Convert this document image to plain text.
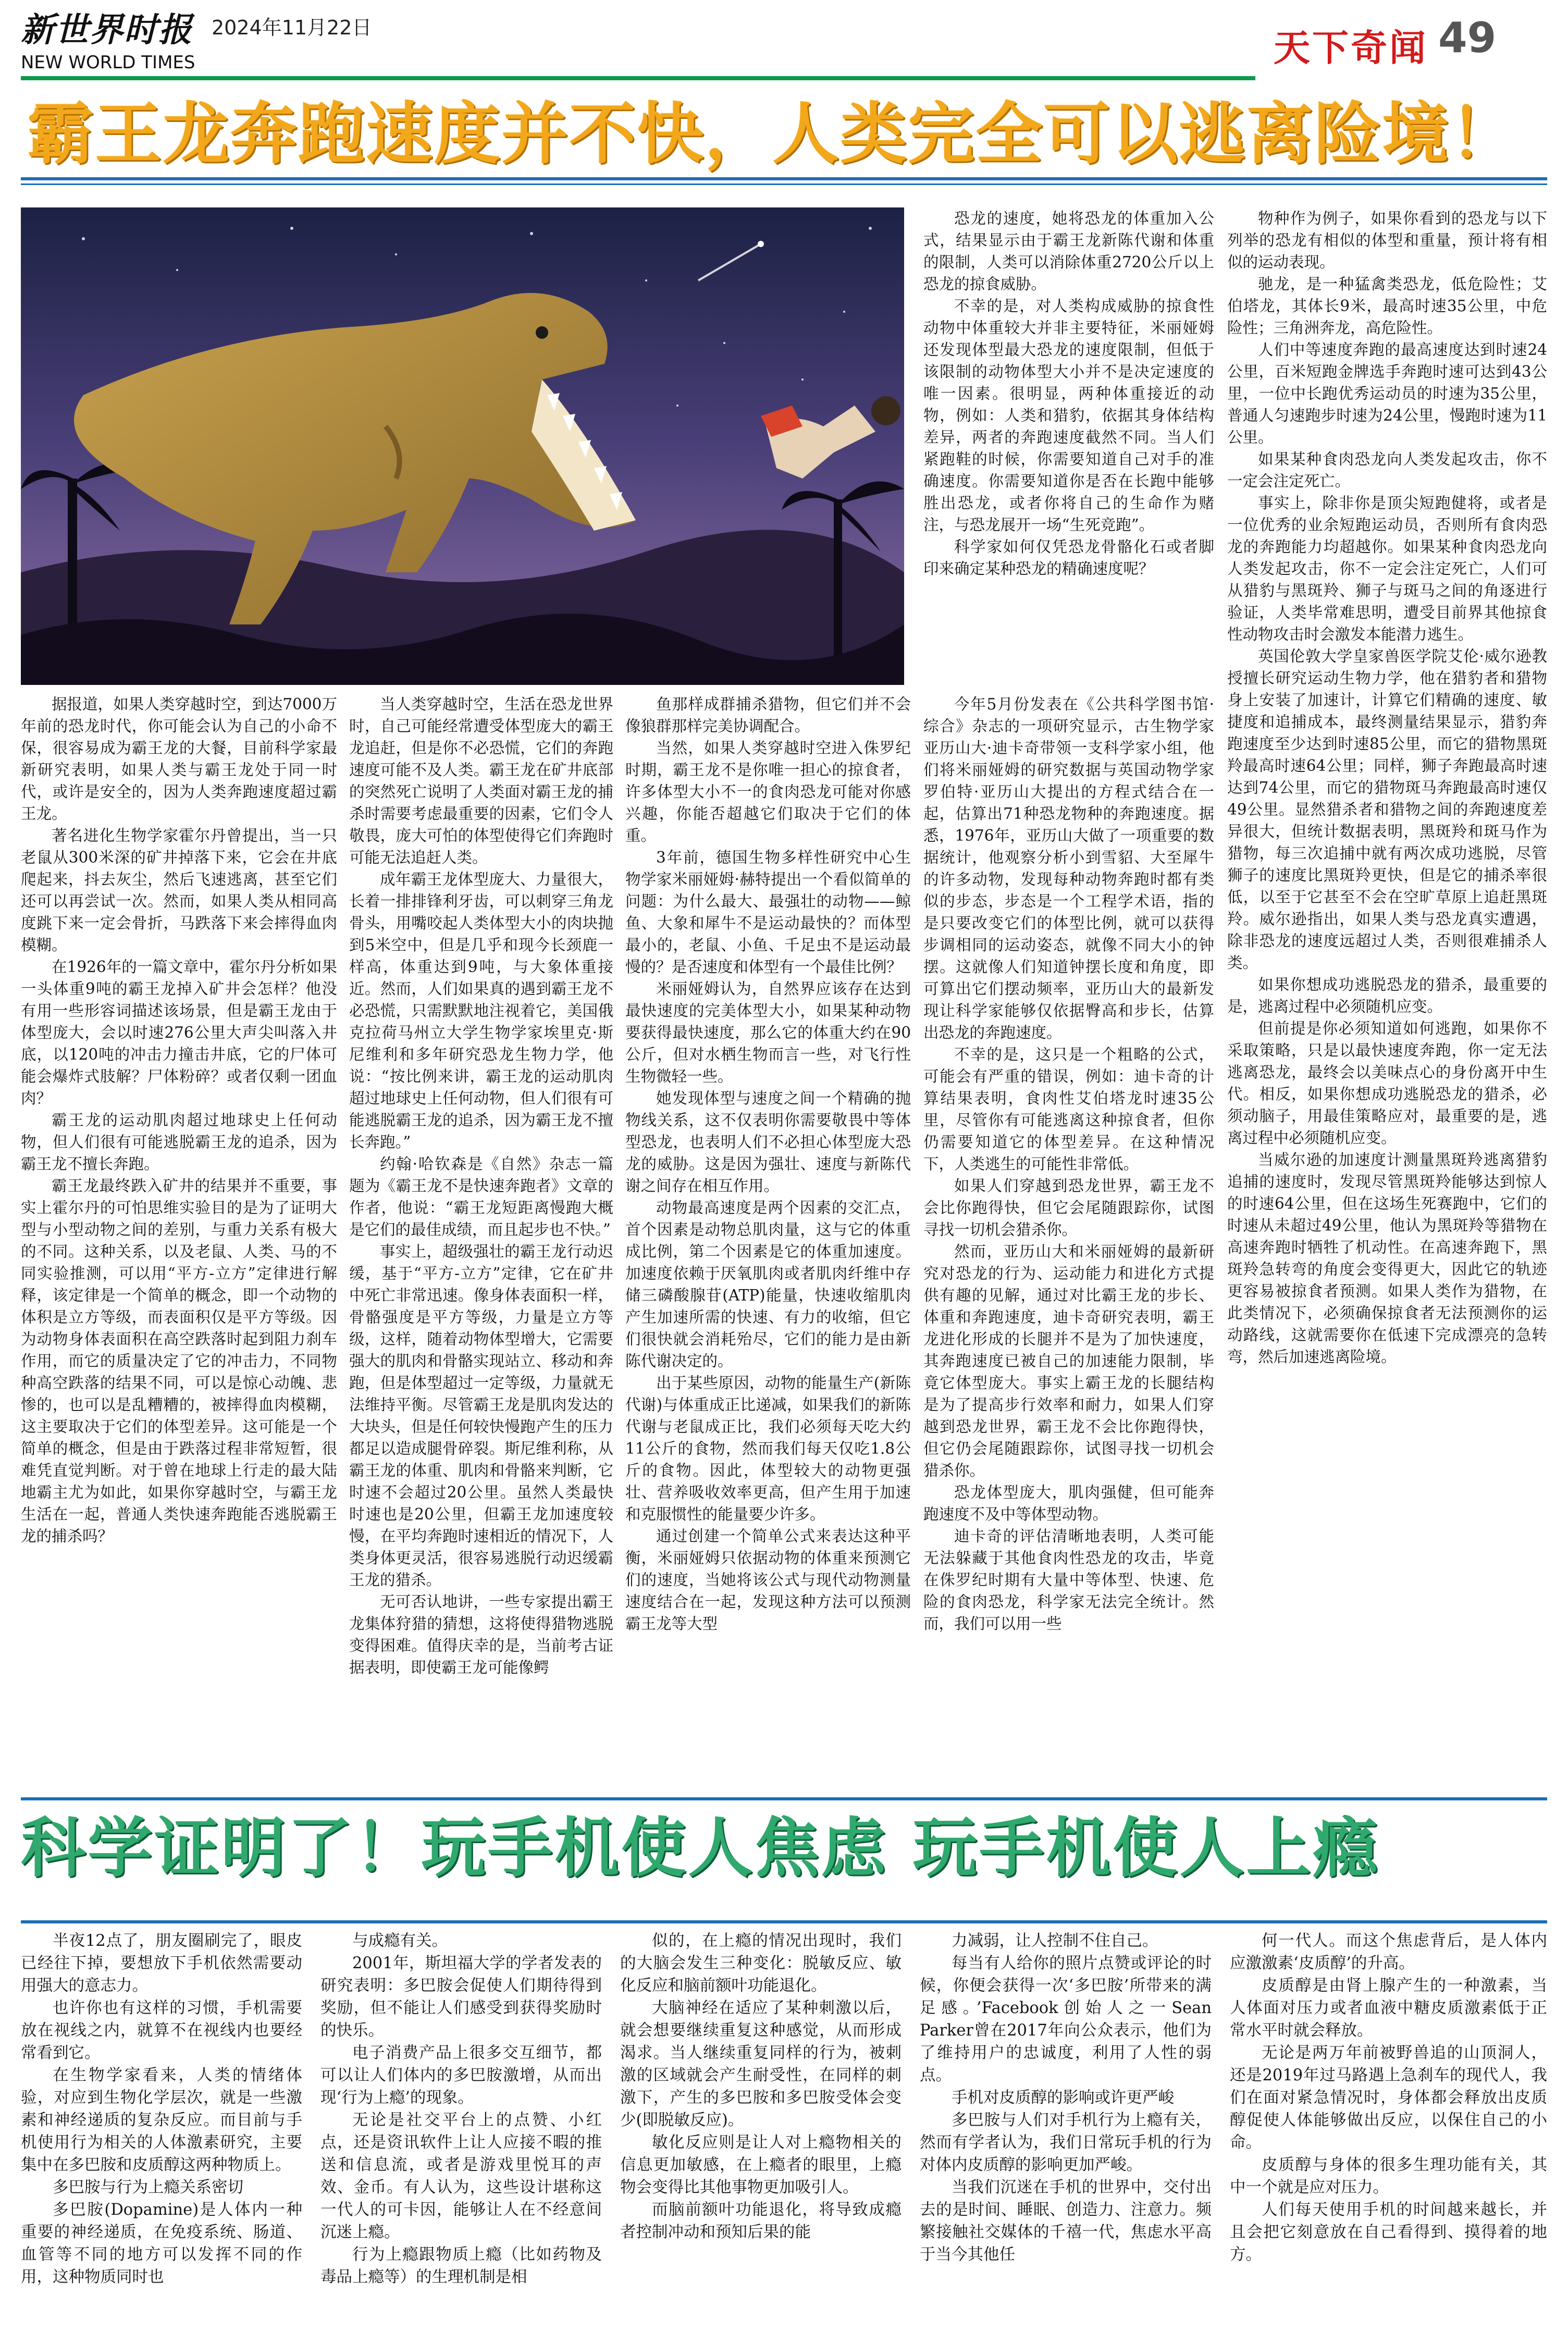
新世界时报 2024年11月22日
NEW WORLD TIMES	天下奇闻 49
霸王龙奔跑速度并不快，人类完全可以逃离险境！

据报道，如果人类穿越时空，到达7000万年前的恐龙时代，你可能会认为自己的小命不保，很容易成为霸王龙的大餐，目前科学家最新研究表明，如果人类与霸王龙处于同一时代，或许是安全的，因为人类奔跑速度超过霸王龙。

著名进化生物学家霍尔丹曾提出，当一只老鼠从300米深的矿井掉落下来，它会在井底爬起来，抖去灰尘，然后飞速逃离，甚至它们还可以再尝试一次。然而，如果人类从相同高度跳下来一定会骨折，马跌落下来会摔得血肉模糊。

在1926年的一篇文章中，霍尔丹分析如果一头体重9吨的霸王龙掉入矿井会怎样？他没有用一些形容词描述该场景，但是霸王龙由于体型庞大，会以时速276公里大声尖叫落入井底，以120吨的冲击力撞击井底，它的尸体可能会爆炸式肢解？尸体粉碎？或者仅剩一团血肉？

霸王龙的运动肌肉超过地球史上任何动物，但人们很有可能逃脱霸王龙的追杀，因为霸王龙不擅长奔跑。

霸王龙最终跌入矿井的结果并不重要，事实上霍尔丹的可怕思维实验目的是为了证明大型与小型动物之间的差别，与重力关系有极大的不同。这种关系，以及老鼠、人类、马的不同实验推测，可以用“平方-立方”定律进行解释，该定律是一个简单的概念，即一个动物的体积是立方等级，而表面积仅是平方等级。因为动物身体表面积在高空跌落时起到阻力刹车作用，而它的质量决定了它的冲击力，不同物种高空跌落的结果不同，可以是惊心动魄、悲惨的，也可以是乱糟糟的，被摔得血肉模糊，这主要取决于它们的体型差异。这可能是一个简单的概念，但是由于跌落过程非常短暂，很难凭直觉判断。对于曾在地球上行走的最大陆地霸主尤为如此，如果你穿越时空，与霸王龙生活在一起，普通人类快速奔跑能否逃脱霸王龙的捕杀吗？

当人类穿越时空，生活在恐龙世界时，自己可能经常遭受体型庞大的霸王龙追赶，但是你不必恐慌，它们的奔跑速度可能不及人类。霸王龙在矿井底部的突然死亡说明了人类面对霸王龙的捕杀时需要考虑最重要的因素，它们令人敬畏，庞大可怕的体型使得它们奔跑时可能无法追赶人类。

成年霸王龙体型庞大、力量很大，长着一排排锋利牙齿，可以刺穿三角龙骨头，用嘴咬起人类体型大小的肉块抛到5米空中，但是几乎和现今长颈鹿一样高，体重达到9吨，与大象体重接近。然而，人们如果真的遇到霸王龙不必恐慌，只需默默地注视着它，美国俄克拉荷马州立大学生物学家埃里克·斯尼维利和多年研究恐龙生物力学，他说：“按比例来讲，霸王龙的运动肌肉超过地球史上任何动物，但人们很有可能逃脱霸王龙的追杀，因为霸王龙不擅长奔跑。”

约翰·哈钦森是《自然》杂志一篇题为《霸王龙不是快速奔跑者》文章的作者，他说：“霸王龙短距离慢跑大概是它们的最佳成绩，而且起步也不快。”

事实上，超级强壮的霸王龙行动迟缓，基于“平方-立方”定律，它在矿井中死亡非常迅速。像身体表面积一样，骨骼强度是平方等级，力量是立方等级，这样，随着动物体型增大，它需要强大的肌肉和骨骼实现站立、移动和奔跑，但是体型超过一定等级，力量就无法维持平衡。尽管霸王龙是肌肉发达的大块头，但是任何较快慢跑产生的压力都足以造成腿骨碎裂。斯尼维利称，从霸王龙的体重、肌肉和骨骼来判断，它时速不会超过20公里。虽然人类最快时速也是20公里，但霸王龙加速度较慢，在平均奔跑时速相近的情况下，人类身体更灵活，很容易逃脱行动迟缓霸王龙的猎杀。

无可否认地讲，一些专家提出霸王龙集体狩猎的猜想，这将使得猎物逃脱变得困难。值得庆幸的是，当前考古证据表明，即使霸王龙可能像鳄

鱼那样成群捕杀猎物，但它们并不会像狼群那样完美协调配合。

当然，如果人类穿越时空进入侏罗纪时期，霸王龙不是你唯一担心的掠食者，许多体型大小不一的食肉恐龙可能对你感兴趣，你能否超越它们取决于它们的体重。

3年前，德国生物多样性研究中心生物学家米丽娅姆·赫特提出一个看似简单的问题：为什么最大、最强壮的动物——鲸鱼、大象和犀牛不是运动最快的？而体型最小的，老鼠、小鱼、千足虫不是运动最慢的？是否速度和体型有一个最佳比例？

米丽娅姆认为，自然界应该存在达到最快速度的完美体型大小，如果某种动物要获得最快速度，那么它的体重大约在90公斤，但对水栖生物而言一些，对飞行性生物微轻一些。

她发现体型与速度之间一个精确的抛物线关系，这不仅表明你需要敬畏中等体型恐龙，也表明人们不必担心体型庞大恐龙的威胁。这是因为强壮、速度与新陈代谢之间存在相互作用。

动物最高速度是两个因素的交汇点，首个因素是动物总肌肉量，这与它的体重成比例，第二个因素是它的体重加速度。加速度依赖于厌氧肌肉或者肌肉纤维中存储三磷酸腺苷(ATP)能量，快速收缩肌肉产生加速所需的快速、有力的收缩，但它们很快就会消耗殆尽，它们的能力是由新陈代谢决定的。

出于某些原因，动物的能量生产(新陈代谢)与体重成正比递减，如果我们的新陈代谢与老鼠成正比，我们必须每天吃大约11公斤的食物，然而我们每天仅吃1.8公斤的食物。因此，体型较大的动物更强壮、营养吸收效率更高，但产生用于加速和克服惯性的能量要少许多。

通过创建一个简单公式来表达这种平衡，米丽娅姆只依据动物的体重来预测它们的速度，当她将该公式与现代动物测量速度结合在一起，发现这种方法可以预测霸王龙等大型

恐龙的速度，她将恐龙的体重加入公式，结果显示由于霸王龙新陈代谢和体重的限制，人类可以消除体重2720公斤以上恐龙的掠食威胁。

不幸的是，对人类构成威胁的掠食性动物中体重较大并非主要特征，米丽娅姆还发现体型最大恐龙的速度限制，但低于该限制的动物体型大小并不是决定速度的唯一因素。很明显，两种体重接近的动物，例如：人类和猎豹，依据其身体结构差异，两者的奔跑速度截然不同。当人们紧跑鞋的时候，你需要知道自己对手的准确速度。你需要知道你是否在长跑中能够胜出恐龙，或者你将自己的生命作为赌注，与恐龙展开一场“生死竞跑”。

科学家如何仅凭恐龙骨骼化石或者脚印来确定某种恐龙的精确速度呢？

今年5月份发表在《公共科学图书馆·综合》杂志的一项研究显示，古生物学家亚历山大·迪卡奇带领一支科学家小组，他们将米丽娅姆的研究数据与英国动物学家罗伯特·亚历山大提出的方程式结合在一起，估算出71种恐龙物种的奔跑速度。据悉，1976年，亚历山大做了一项重要的数据统计，他观察分析小到雪貂、大至犀牛的许多动物，发现每种动物奔跑时都有类似的步态，步态是一个工程学术语，指的是只要改变它们的体型比例，就可以获得步调相同的运动姿态，就像不同大小的钟摆。这就像人们知道钟摆长度和角度，即可算出它们摆动频率，亚历山大的最新发现让科学家能够仅依据臀高和步长，估算出恐龙的奔跑速度。

不幸的是，这只是一个粗略的公式，可能会有严重的错误，例如：迪卡奇的计算结果表明，食肉性艾伯塔龙时速35公里，尽管你有可能逃离这种掠食者，但你仍需要知道它的体型差异。在这种情况下，人类逃生的可能性非常低。

如果人们穿越到恐龙世界，霸王龙不会比你跑得快，但它会尾随跟踪你，试图寻找一切机会猎杀你。

然而，亚历山大和米丽娅姆的最新研究对恐龙的行为、运动能力和进化方式提供有趣的见解，通过对比霸王龙的步长、体重和奔跑速度，迪卡奇研究表明，霸王龙进化形成的长腿并不是为了加快速度，其奔跑速度已被自己的加速能力限制，毕竟它体型庞大。事实上霸王龙的长腿结构是为了提高步行效率和耐力，如果人们穿越到恐龙世界，霸王龙不会比你跑得快，但它仍会尾随跟踪你，试图寻找一切机会猎杀你。

恐龙体型庞大，肌肉强健，但可能奔跑速度不及中等体型动物。

迪卡奇的评估清晰地表明，人类可能无法躲藏于其他食肉性恐龙的攻击，毕竟在侏罗纪时期有大量中等体型、快速、危险的食肉恐龙，科学家无法完全统计。然而，我们可以用一些

物种作为例子，如果你看到的恐龙与以下列举的恐龙有相似的体型和重量，预计将有相似的运动表现。

驰龙，是一种猛禽类恐龙，低危险性；艾伯塔龙，其体长9米，最高时速35公里，中危险性；三角洲奔龙，高危险性。

人们中等速度奔跑的最高速度达到时速24公里，百米短跑金牌选手奔跑时速可达到43公里，一位中长跑优秀运动员的时速为35公里，普通人匀速跑步时速为24公里，慢跑时速为11公里。

如果某种食肉恐龙向人类发起攻击，你不一定会注定死亡。

事实上，除非你是顶尖短跑健将，或者是一位优秀的业余短跑运动员，否则所有食肉恐龙的奔跑能力均超越你。如果某种食肉恐龙向人类发起攻击，你不一定会注定死亡，人们可从猎豹与黑斑羚、狮子与斑马之间的角逐进行验证，人类毕常难思明，遭受目前界其他掠食性动物攻击时会激发本能潜力逃生。

英国伦敦大学皇家兽医学院艾伦·威尔逊教授擅长研究运动生物力学，他在猎豹者和猎物身上安装了加速计，计算它们精确的速度、敏捷度和追捕成本，最终测量结果显示，猎豹奔跑速度至少达到时速85公里，而它的猎物黑斑羚最高时速64公里；同样，狮子奔跑最高时速达到74公里，而它的猎物斑马奔跑最高时速仅49公里。显然猎杀者和猎物之间的奔跑速度差异很大，但统计数据表明，黑斑羚和斑马作为猎物，每三次追捕中就有两次成功逃脱，尽管狮子的速度比黑斑羚更快，但是它的捕杀率很低，以至于它甚至不会在空旷草原上追赶黑斑羚。威尔逊指出，如果人类与恐龙真实遭遇，除非恐龙的速度远超过人类，否则很难捕杀人类。

如果你想成功逃脱恐龙的猎杀，最重要的是，逃离过程中必须随机应变。

但前提是你必须知道如何逃跑，如果你不采取策略，只是以最快速度奔跑，你一定无法逃离恐龙，最终会以美味点心的身份离开中生代。相反，如果你想成功逃脱恐龙的猎杀，必须动脑子，用最佳策略应对，最重要的是，逃离过程中必须随机应变。

当威尔逊的加速度计测量黑斑羚逃离猎豹追捕的速度时，发现尽管黑斑羚能够达到惊人的时速64公里，但在这场生死赛跑中，它们的时速从未超过49公里，他认为黑斑羚等猎物在高速奔跑时牺牲了机动性。在高速奔跑下，黑斑羚急转弯的角度会变得更大，因此它的轨迹更容易被掠食者预测。如果人类作为猎物，在此类情况下，必须确保掠食者无法预测你的运动路线，这就需要你在低速下完成漂亮的急转弯，然后加速逃离险境。

科学证明了！玩手机使人焦虑 玩手机使人上瘾

半夜12点了，朋友圈刷完了，眼皮已经往下掉，要想放下手机依然需要动用强大的意志力。

也许你也有这样的习惯，手机需要放在视线之内，就算不在视线内也要经常看到它。

在生物学家看来，人类的情绪体验，对应到生物化学层次，就是一些激素和神经递质的复杂反应。而目前与手机使用行为相关的人体激素研究，主要集中在多巴胺和皮质醇这两种物质上。

多巴胺与行为上瘾关系密切

多巴胺(Dopamine)是人体内一种重要的神经递质，在免疫系统、肠道、血管等不同的地方可以发挥不同的作用，这种物质同时也

与成瘾有关。

2001年，斯坦福大学的学者发表的研究表明：多巴胺会促使人们期待得到奖励，但不能让人们感受到获得奖励时的快乐。

电子消费产品上很多交互细节，都可以让人们体内的多巴胺激增，从而出现‘行为上瘾’的现象。

无论是社交平台上的点赞、小红点，还是资讯软件上让人应接不暇的推送和信息流，或者是游戏里悦耳的声效、金币。有人认为，这些设计堪称这一代人的可卡因，能够让人在不经意间沉迷上瘾。

行为上瘾跟物质上瘾（比如药物及毒品上瘾等）的生理机制是相

似的，在上瘾的情况出现时，我们的大脑会发生三种变化：脱敏反应、敏化反应和脑前额叶功能退化。

大脑神经在适应了某种刺激以后，就会想要继续重复这种感觉，从而形成渴求。当人继续重复同样的行为，被刺激的区域就会产生耐受性，在同样的刺激下，产生的多巴胺和多巴胺受体会变少(即脱敏反应)。

敏化反应则是让人对上瘾物相关的信息更加敏感，在上瘾者的眼里，上瘾物会变得比其他事物更加吸引人。

而脑前额叶功能退化，将导致成瘾者控制冲动和预知后果的能

力减弱，让人控制不住自己。

每当有人给你的照片点赞或评论的时候，你便会获得一次‘多巴胺’所带来的满足感。’Facebook创始人之一Sean Parker曾在2017年向公众表示，他们为了维持用户的忠诚度，利用了人性的弱点。

手机对皮质醇的影响或许更严峻

多巴胺与人们对手机行为上瘾有关，然而有学者认为，我们日常玩手机的行为对体内皮质醇的影响更加严峻。

当我们沉迷在手机的世界中，交付出去的是时间、睡眠、创造力、注意力。频繁接触社交媒体的千禧一代，焦虑水平高于当今其他任

何一代人。而这个焦虑背后，是人体内应激激素‘皮质醇’的升高。

皮质醇是由肾上腺产生的一种激素，当人体面对压力或者血液中糖皮质激素低于正常水平时就会释放。

无论是两万年前被野兽追的山顶洞人，还是2019年过马路遇上急刹车的现代人，我们在面对紧急情况时，身体都会释放出皮质醇促使人体能够做出反应，以保住自己的小命。

皮质醇与身体的很多生理功能有关，其中一个就是应对压力。

人们每天使用手机的时间越来越长，并且会把它刻意放在自己看得到、摸得着的地方。
